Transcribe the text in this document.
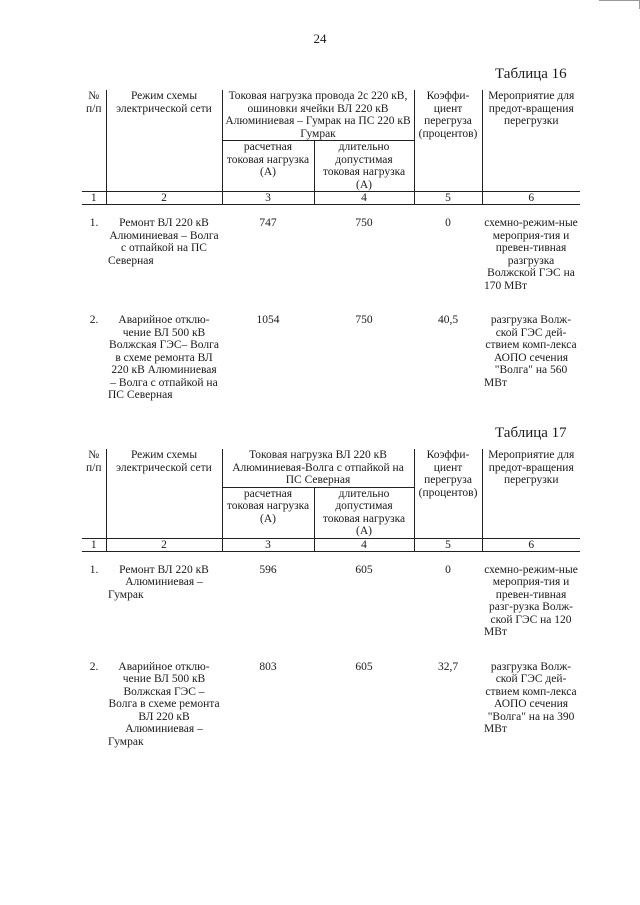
24
Таблица 16
№ п/п	Режим схемы электрической сети	Токовая нагрузка провода 2с 220 кВ, ошиновки ячейки ВЛ 220 кВ Алюминиевая – Гумрак на ПС 220 кВ Гумрак		Коэффи-циент перегруза (процентов)	Мероприятие для предот-вращения перегрузки
		расчетная токовая нагрузка (А)	длительно допустимая токовая нагрузка (А)		
1	2	3	4	5	6

1.	Ремонт ВЛ 220 кВ Алюминиевая – Волга с отпайкой на ПС Северная	747	750	0	схемно-режим-ные мероприя-тия и превен-тивная разгрузка Волжской ГЭС на 170 МВт

2.	Аварийное отклю-чение ВЛ 500 кВ Волжская ГЭС– Волга в схеме ремонта ВЛ 220 кВ Алюминиевая – Волга с отпайкой на ПС Северная	1054	750	40,5	разгрузка Волж-ской ГЭС дей-ствием комп-лекса АОПО сечения "Волга" на 560 МВт
Таблица 17
№ п/п	Режим схемы электрической сети	Токовая нагрузка ВЛ 220 кВ Алюминиевая-Волга с отпайкой на ПС Северная		Коэффи-циент перегруза (процентов)	Мероприятие для предот-вращения перегрузки
		расчетная токовая нагрузка (А)	длительно допустимая токовая нагрузка (А)		
1	2	3	4	5	6

1.	Ремонт ВЛ 220 кВ Алюминиевая – Гумрак	596	605	0	схемно-режим-ные мероприя-тия и превен-тивная разг-рузка Волж-ской ГЭС на 120 МВт

2.	Аварийное отклю-чение ВЛ 500 кВ Волжская ГЭС – Волга в схеме ремонта ВЛ 220 кВ Алюминиевая – Гумрак	803	605	32,7	разгрузка Волж-ской ГЭС дей-ствием комп-лекса АОПО сечения "Волга" на на 390 МВт
